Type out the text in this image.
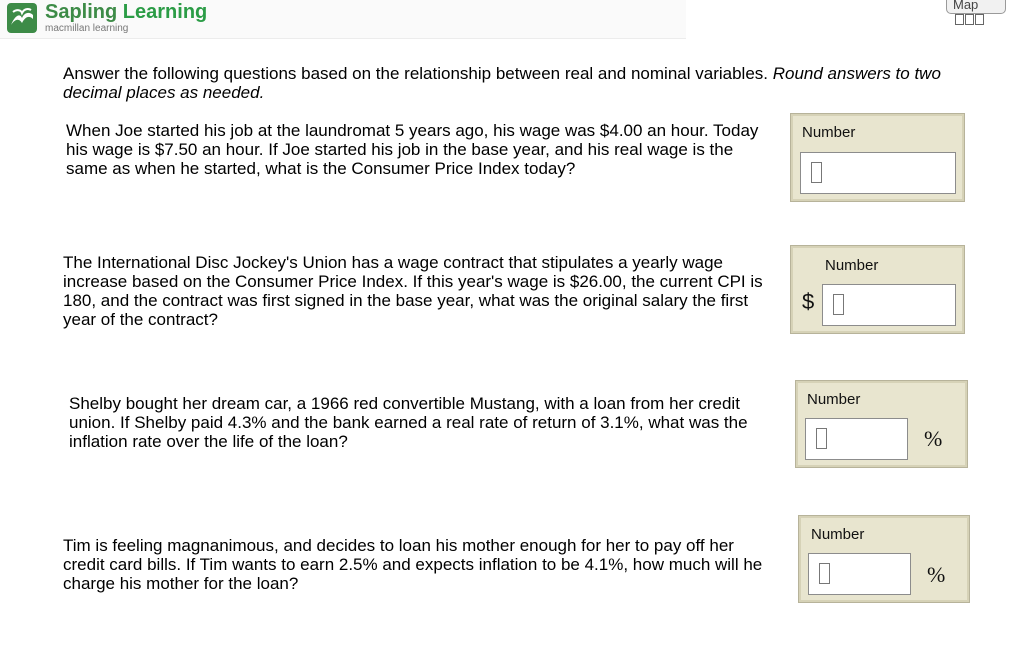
Sapling Learning
macmillan learning
Map
Answer the following questions based on the relationship between real and nominal variables. Round answers to two decimal places as needed.
When Joe started his job at the laundromat 5 years ago, his wage was $4.00 an hour. Today his wage is $7.50 an hour. If Joe started his job in the base year, and his real wage is the same as when he started, what is the Consumer Price Index today?
Number
The International Disc Jockey's Union has a wage contract that stipulates a yearly wage increase based on the Consumer Price Index. If this year's wage is $26.00, the current CPI is 180, and the contract was first signed in the base year, what was the original salary the first year of the contract?
Number
$
Shelby bought her dream car, a 1966 red convertible Mustang, with a loan from her credit union. If Shelby paid 4.3% and the bank earned a real rate of return of 3.1%, what was the inflation rate over the life of the loan?
Number
%
Tim is feeling magnanimous, and decides to loan his mother enough for her to pay off her credit card bills. If Tim wants to earn 2.5% and expects inflation to be 4.1%, how much will he charge his mother for the loan?
Number
%
